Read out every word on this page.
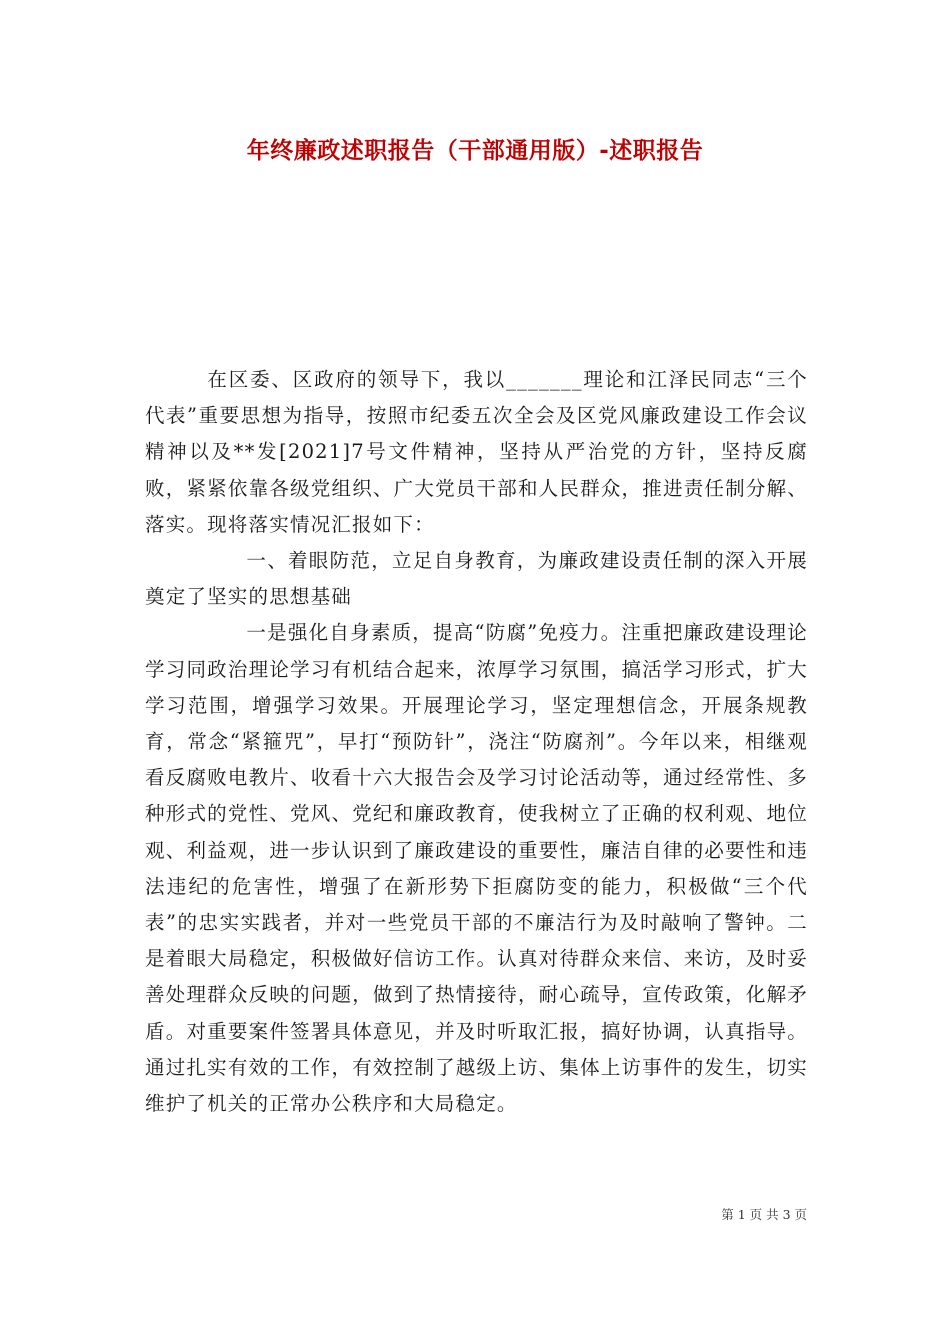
年终廉政述职报告（干部通用版）-述职报告

在区委、区政府的领导下，我以_______理论和江泽民同志“三个代表”重要思想为指导，按照市纪委五次全会及区党风廉政建设工作会议精神以及**发[2021]7号文件精神，坚持从严治党的方针，坚持反腐败，紧紧依靠各级党组织、广大党员干部和人民群众，推进责任制分解、落实。现将落实情况汇报如下：

一、着眼防范，立足自身教育，为廉政建设责任制的深入开展奠定了坚实的思想基础

一是强化自身素质，提高“防腐”免疫力。注重把廉政建设理论学习同政治理论学习有机结合起来，浓厚学习氛围，搞活学习形式，扩大学习范围，增强学习效果。开展理论学习，坚定理想信念，开展条规教育，常念“紧箍咒”，早打“预防针”，浇注“防腐剂”。今年以来，相继观看反腐败电教片、收看十六大报告会及学习讨论活动等，通过经常性、多种形式的党性、党风、党纪和廉政教育，使我树立了正确的权利观、地位观、利益观，进一步认识到了廉政建设的重要性，廉洁自律的必要性和违法违纪的危害性，增强了在新形势下拒腐防变的能力，积极做“三个代表”的忠实实践者，并对一些党员干部的不廉洁行为及时敲响了警钟。二是着眼大局稳定，积极做好信访工作。认真对待群众来信、来访，及时妥善处理群众反映的问题，做到了热情接待，耐心疏导，宣传政策，化解矛盾。对重要案件签署具体意见，并及时听取汇报，搞好协调，认真指导。通过扎实有效的工作，有效控制了越级上访、集体上访事件的发生，切实维护了机关的正常办公秩序和大局稳定。

第 1 页 共 3 页
